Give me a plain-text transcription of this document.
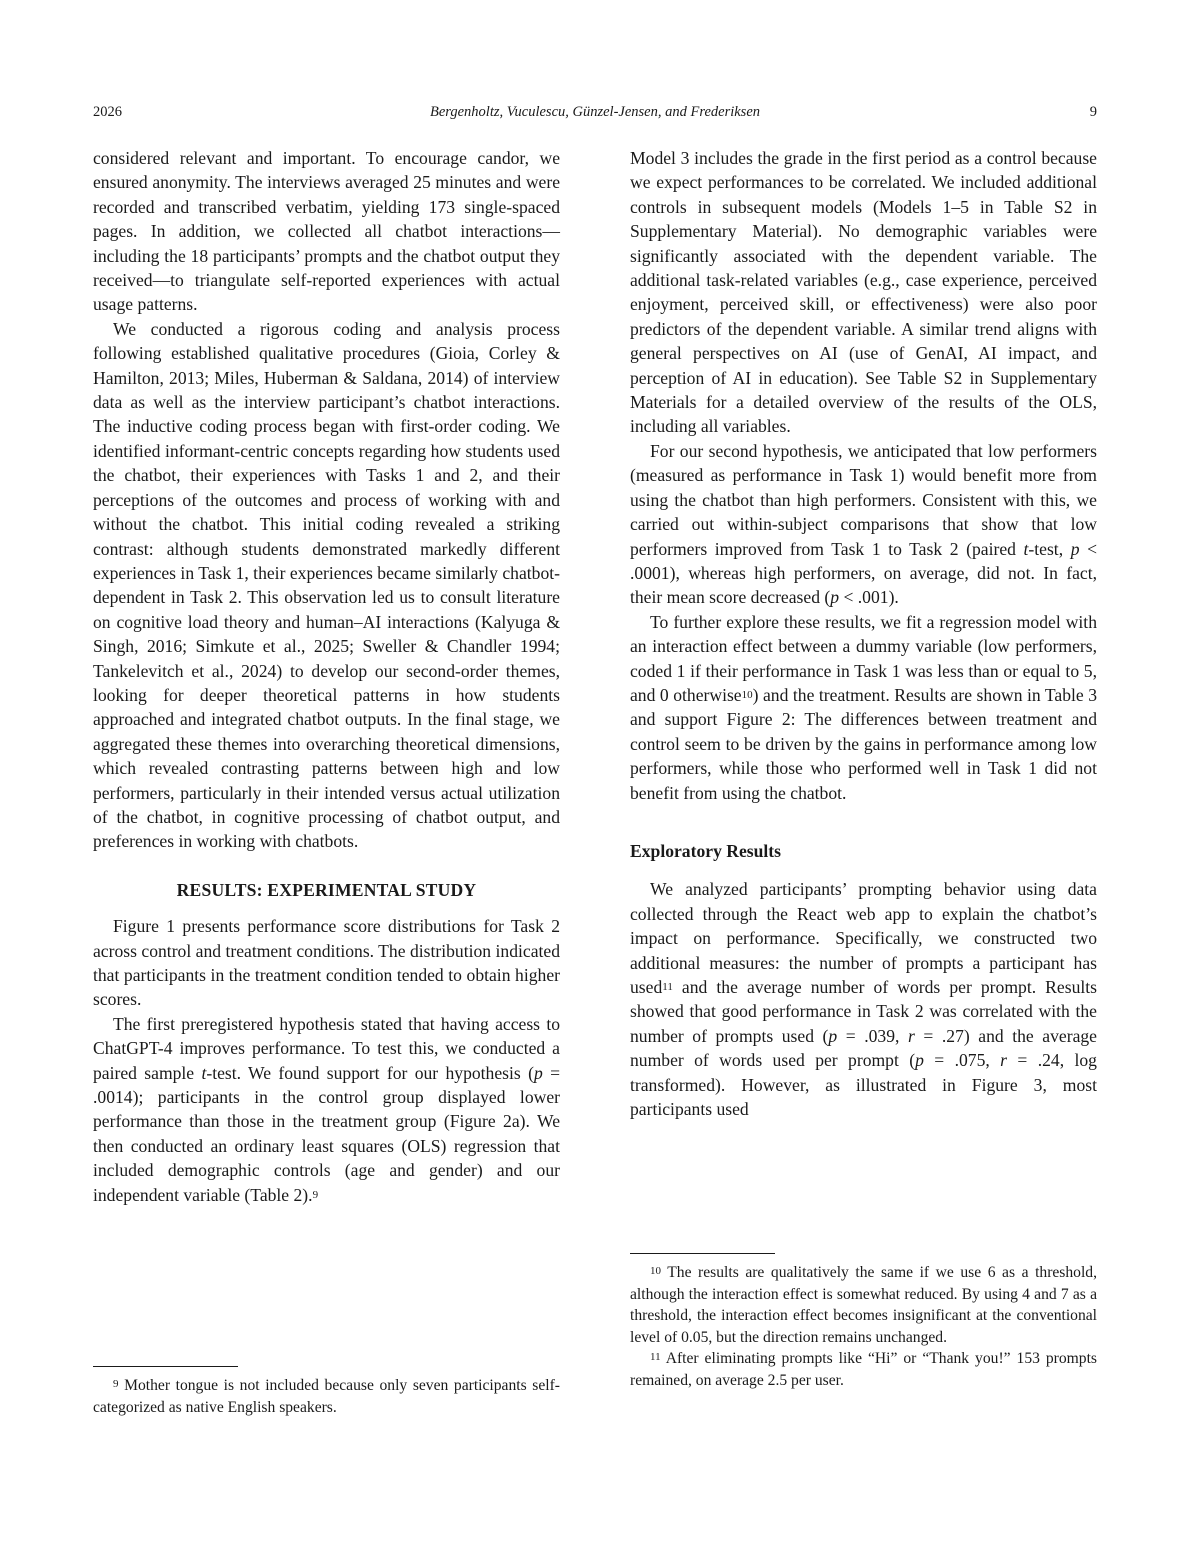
2026	Bergenholtz, Vuculescu, Günzel-Jensen, and Frederiksen	9

considered relevant and important. To encourage candor, we ensured anonymity. The interviews averaged 25 minutes and were recorded and transcribed verbatim, yielding 173 single-spaced pages. In addition, we collected all chatbot interactions—including the 18 participants’ prompts and the chatbot output they received—to triangulate self-reported experiences with actual usage patterns.

We conducted a rigorous coding and analysis process following established qualitative procedures (Gioia, Corley & Hamilton, 2013; Miles, Huberman & Saldana, 2014) of interview data as well as the interview participant’s chatbot interactions. The inductive coding process began with first-order coding. We identified informant-centric concepts regarding how students used the chatbot, their experiences with Tasks 1 and 2, and their perceptions of the outcomes and process of working with and without the chatbot. This initial coding revealed a striking contrast: although students demonstrated markedly different experiences in Task 1, their experiences became similarly chatbot-dependent in Task 2. This observation led us to consult literature on cognitive load theory and human–AI interactions (Kalyuga & Singh, 2016; Simkute et al., 2025; Sweller & Chandler 1994; Tankelevitch et al., 2024) to develop our second-order themes, looking for deeper theoretical patterns in how students approached and integrated chatbot outputs. In the final stage, we aggregated these themes into overarching theoretical dimensions, which revealed contrasting patterns between high and low performers, particularly in their intended versus actual utilization of the chatbot, in cognitive processing of chatbot output, and preferences in working with chatbots.

RESULTS: EXPERIMENTAL STUDY

Figure 1 presents performance score distributions for Task 2 across control and treatment conditions. The distribution indicated that participants in the treatment condition tended to obtain higher scores.

The first preregistered hypothesis stated that having access to ChatGPT-4 improves performance. To test this, we conducted a paired sample t-test. We found support for our hypothesis (p = .0014); participants in the control group displayed lower performance than those in the treatment group (Figure 2a). We then conducted an ordinary least squares (OLS) regression that included demographic controls (age and gender) and our independent variable (Table 2).$^9$

$^9$ Mother tongue is not included because only seven participants self-categorized as native English speakers.

Model 3 includes the grade in the first period as a control because we expect performances to be correlated. We included additional controls in subsequent models (Models 1–5 in Table S2 in Supplementary Material). No demographic variables were significantly associated with the dependent variable. The additional task-related variables (e.g., case experience, perceived enjoyment, perceived skill, or effectiveness) were also poor predictors of the dependent variable. A similar trend aligns with general perspectives on AI (use of GenAI, AI impact, and perception of AI in education). See Table S2 in Supplementary Materials for a detailed overview of the results of the OLS, including all variables.

For our second hypothesis, we anticipated that low performers (measured as performance in Task 1) would benefit more from using the chatbot than high performers. Consistent with this, we carried out within-subject comparisons that show that low performers improved from Task 1 to Task 2 (paired t-test, p < .0001), whereas high performers, on average, did not. In fact, their mean score decreased (p < .001).

To further explore these results, we fit a regression model with an interaction effect between a dummy variable (low performers, coded 1 if their performance in Task 1 was less than or equal to 5, and 0 otherwise$^{10}$) and the treatment. Results are shown in Table 3 and support Figure 2: The differences between treatment and control seem to be driven by the gains in performance among low performers, while those who performed well in Task 1 did not benefit from using the chatbot.

Exploratory Results

We analyzed participants’ prompting behavior using data collected through the React web app to explain the chatbot’s impact on performance. Specifically, we constructed two additional measures: the number of prompts a participant has used$^{11}$ and the average number of words per prompt. Results showed that good performance in Task 2 was correlated with the number of prompts used (p = .039, r = .27) and the average number of words used per prompt (p = .075, r = .24, log transformed). However, as illustrated in Figure 3, most participants used

$^{10}$ The results are qualitatively the same if we use 6 as a threshold, although the interaction effect is somewhat reduced. By using 4 and 7 as a threshold, the interaction effect becomes insignificant at the conventional level of 0.05, but the direction remains unchanged.

$^{11}$ After eliminating prompts like “Hi” or “Thank you!” 153 prompts remained, on average 2.5 per user.
